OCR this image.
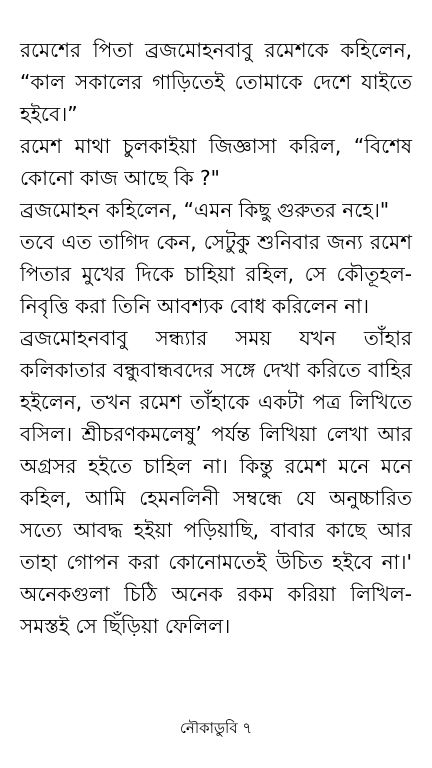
রমেশের পিতা ব্রজমোহনবাবু রমেশকে কহিলেন, “কাল সকালের গাড়িতেই তোমাকে দেশে যাইতে হইবে।”

রমেশ মাথা চুলকাইয়া জিজ্ঞাসা করিল, “বিশেষ কোনো কাজ আছে কি ?"

ব্রজমোহন কহিলেন, “এমন কিছু গুরুতর নহে।"

তবে এত তাগিদ কেন, সেটুকু শুনিবার জন্য রমেশ পিতার মুখের দিকে চাহিয়া রহিল, সে কৌতূহল- নিবৃত্তি করা তিনি আবশ্যক বোধ করিলেন না।

ব্রজমোহনবাবু সন্ধ্যার সময় যখন তাঁহার কলিকাতার বন্ধুবান্ধবদের সঙ্গে দেখা করিতে বাহির হইলেন, তখন রমেশ তাঁহাকে একটা পত্র লিখিতে বসিল। শ্রীচরণকমলেষু’ পর্যন্ত লিখিয়া লেখা আর অগ্রসর হইতে চাহিল না। কিন্তু রমেশ মনে মনে কহিল, আমি হেমনলিনী সম্বন্ধে যে অনুচ্চারিত সত্যে আবদ্ধ হইয়া পড়িয়াছি, বাবার কাছে আর তাহা গোপন করা কোনোমতেই উচিত হইবে না।' অনেকগুলা চিঠি অনেক রকম করিয়া লিখিল- সমস্তই সে ছিঁড়িয়া ফেলিল।

নৌকাডুবি ৭
